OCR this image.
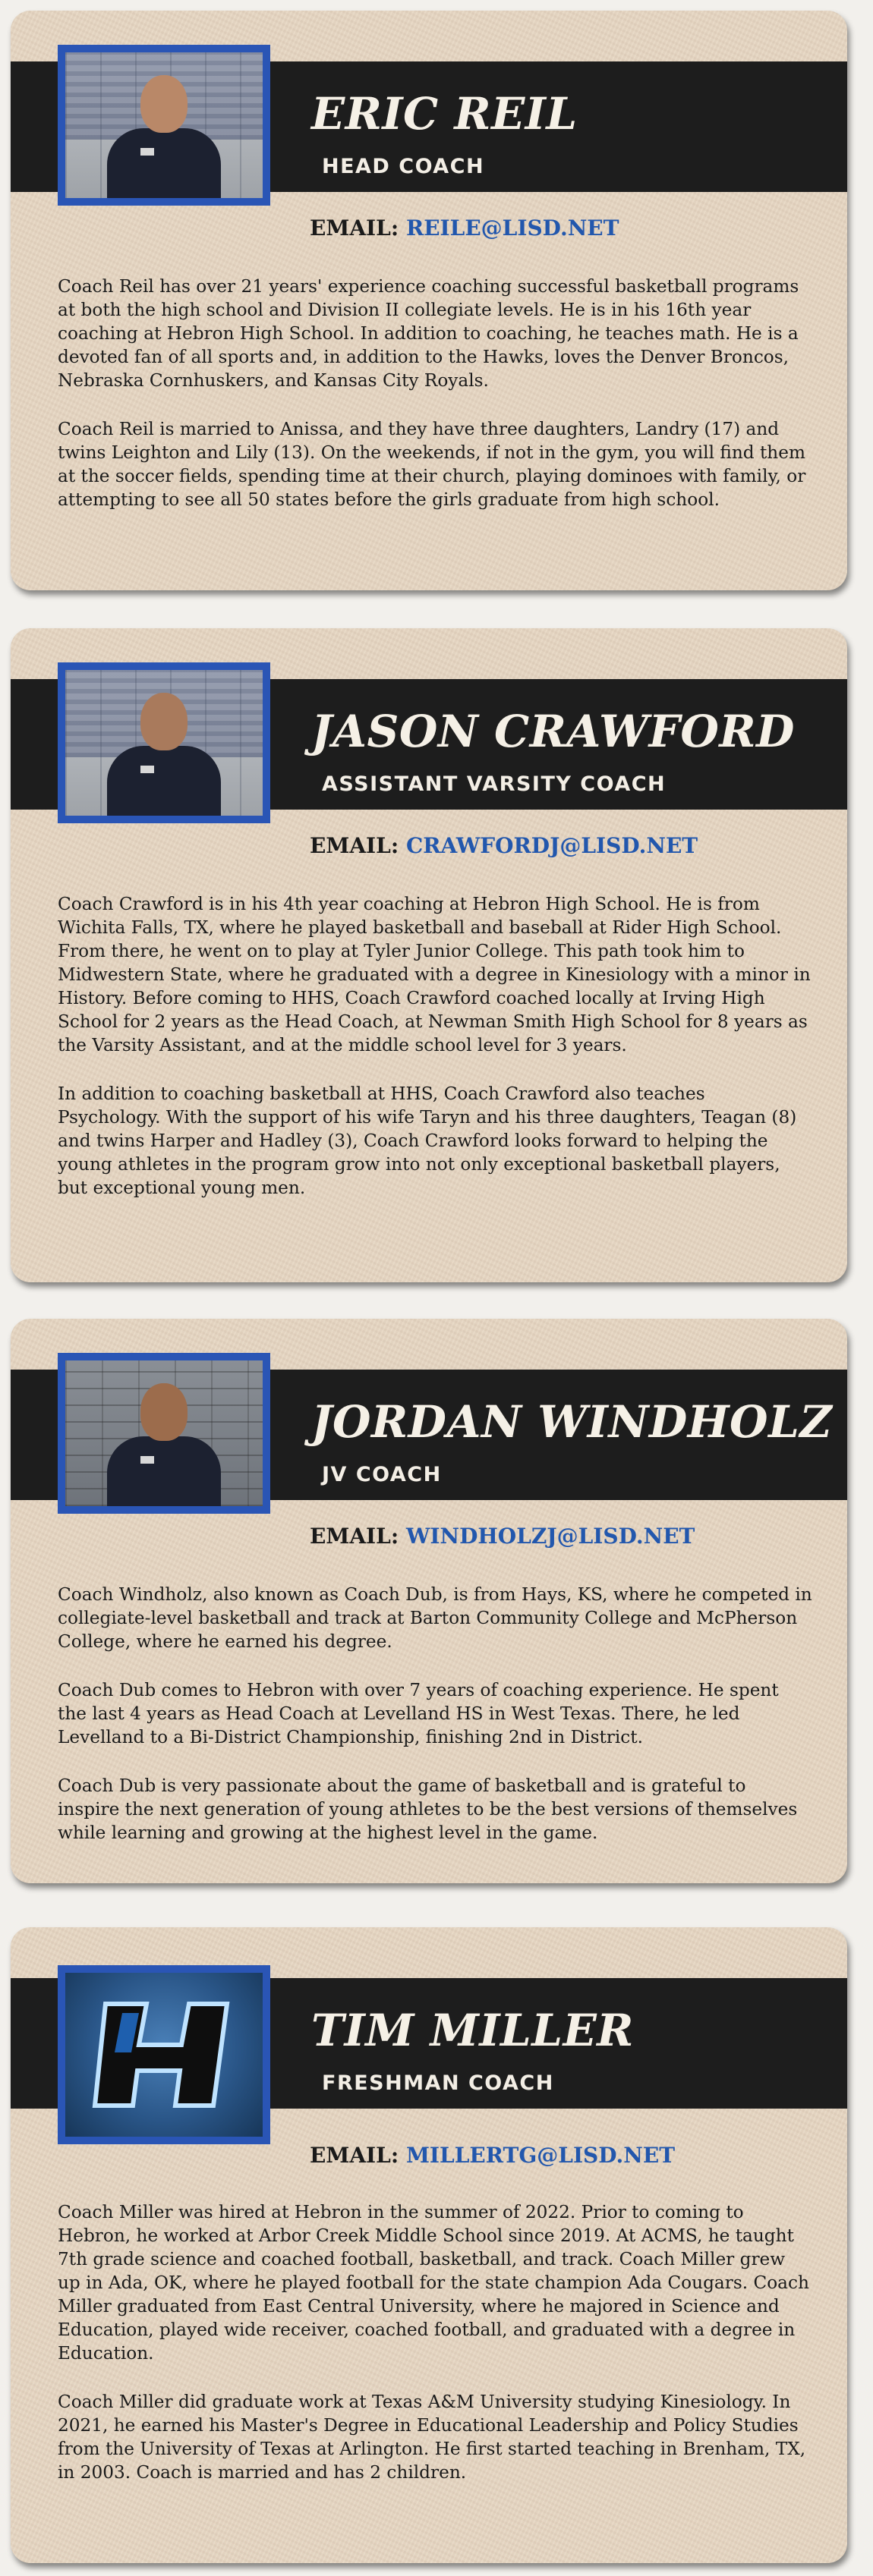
ERIC REIL
HEAD COACH
EMAIL: REILE@LISD.NET

Coach Reil has over 21 years' experience coaching successful basketball programs at both the high school and Division II collegiate levels. He is in his 16th year coaching at Hebron High School. In addition to coaching, he teaches math. He is a devoted fan of all sports and, in addition to the Hawks, loves the Denver Broncos, Nebraska Cornhuskers, and Kansas City Royals.

Coach Reil is married to Anissa, and they have three daughters, Landry (17) and twins Leighton and Lily (13). On the weekends, if not in the gym, you will find them at the soccer fields, spending time at their church, playing dominoes with family, or attempting to see all 50 states before the girls graduate from high school.

JASON CRAWFORD
ASSISTANT VARSITY COACH
EMAIL: CRAWFORDJ@LISD.NET

Coach Crawford is in his 4th year coaching at Hebron High School. He is from Wichita Falls, TX, where he played basketball and baseball at Rider High School. From there, he went on to play at Tyler Junior College. This path took him to Midwestern State, where he graduated with a degree in Kinesiology with a minor in History. Before coming to HHS, Coach Crawford coached locally at Irving High School for 2 years as the Head Coach, at Newman Smith High School for 8 years as the Varsity Assistant, and at the middle school level for 3 years.

In addition to coaching basketball at HHS, Coach Crawford also teaches Psychology. With the support of his wife Taryn and his three daughters, Teagan (8) and twins Harper and Hadley (3), Coach Crawford looks forward to helping the young athletes in the program grow into not only exceptional basketball players, but exceptional young men.

JORDAN WINDHOLZ
JV COACH
EMAIL: WINDHOLZJ@LISD.NET

Coach Windholz, also known as Coach Dub, is from Hays, KS, where he competed in collegiate-level basketball and track at Barton Community College and McPherson College, where he earned his degree.

Coach Dub comes to Hebron with over 7 years of coaching experience. He spent the last 4 years as Head Coach at Levelland HS in West Texas. There, he led Levelland to a Bi-District Championship, finishing 2nd in District.

Coach Dub is very passionate about the game of basketball and is grateful to inspire the next generation of young athletes to be the best versions of themselves while learning and growing at the highest level in the game.

TIM MILLER
FRESHMAN COACH
EMAIL: MILLERTG@LISD.NET

Coach Miller was hired at Hebron in the summer of 2022. Prior to coming to Hebron, he worked at Arbor Creek Middle School since 2019. At ACMS, he taught 7th grade science and coached football, basketball, and track. Coach Miller grew up in Ada, OK, where he played football for the state champion Ada Cougars. Coach Miller graduated from East Central University, where he majored in Science and Education, played wide receiver, coached football, and graduated with a degree in Education.

Coach Miller did graduate work at Texas A&M University studying Kinesiology. In 2021, he earned his Master's Degree in Educational Leadership and Policy Studies from the University of Texas at Arlington. He first started teaching in Brenham, TX, in 2003. Coach is married and has 2 children.
